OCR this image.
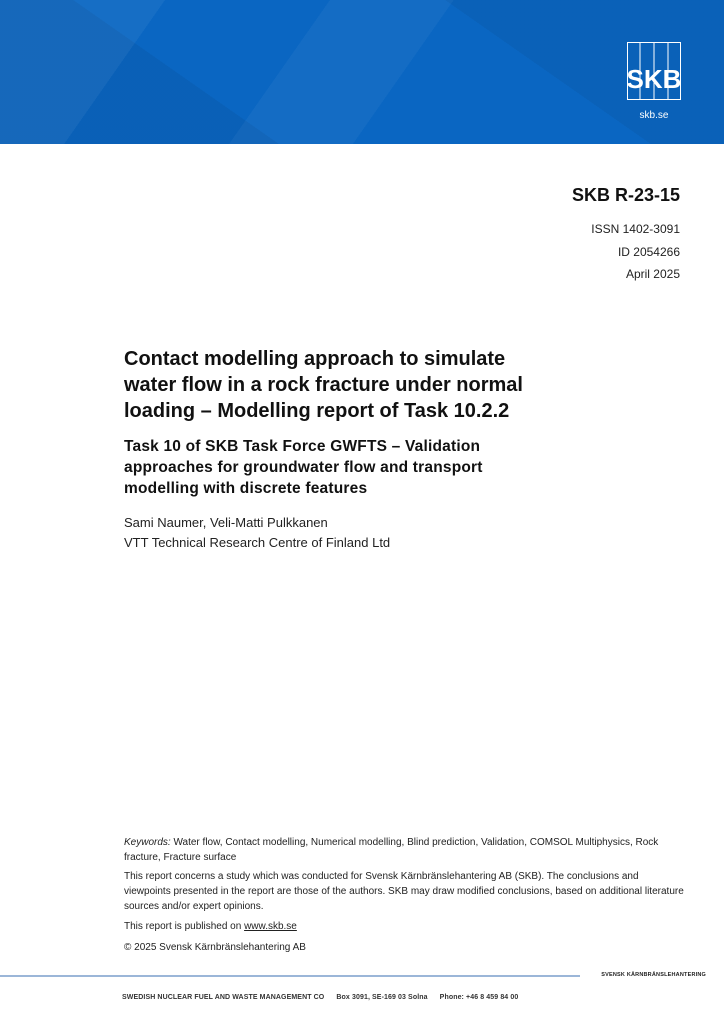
SKB
skb.se
SKB R-23-15
ISSN 1402-3091
ID 2054266
April 2025
Contact modelling approach to simulate
water flow in a rock fracture under normal
loading – Modelling report of Task 10.2.2
Task 10 of SKB Task Force GWFTS – Validation
approaches for groundwater flow and transport
modelling with discrete features
Sami Naumer, Veli-Matti Pulkkanen
VTT Technical Research Centre of Finland Ltd
Keywords: Water flow, Contact modelling, Numerical modelling, Blind prediction, Validation, COMSOL Multiphysics, Rock fracture, Fracture surface
This report concerns a study which was conducted for Svensk Kärnbränslehantering AB (SKB). The conclusions and viewpoints presented in the report are those of the authors. SKB may draw modified conclusions, based on additional literature sources and/or expert opinions.
This report is published on www.skb.se
© 2025 Svensk Kärnbränslehantering AB
SVENSK KÄRNBRÄNSLEHANTERING
SWEDISH NUCLEAR FUEL AND WASTE MANAGEMENT CO Box 3091, SE-169 03 Solna Phone: +46 8 459 84 00
